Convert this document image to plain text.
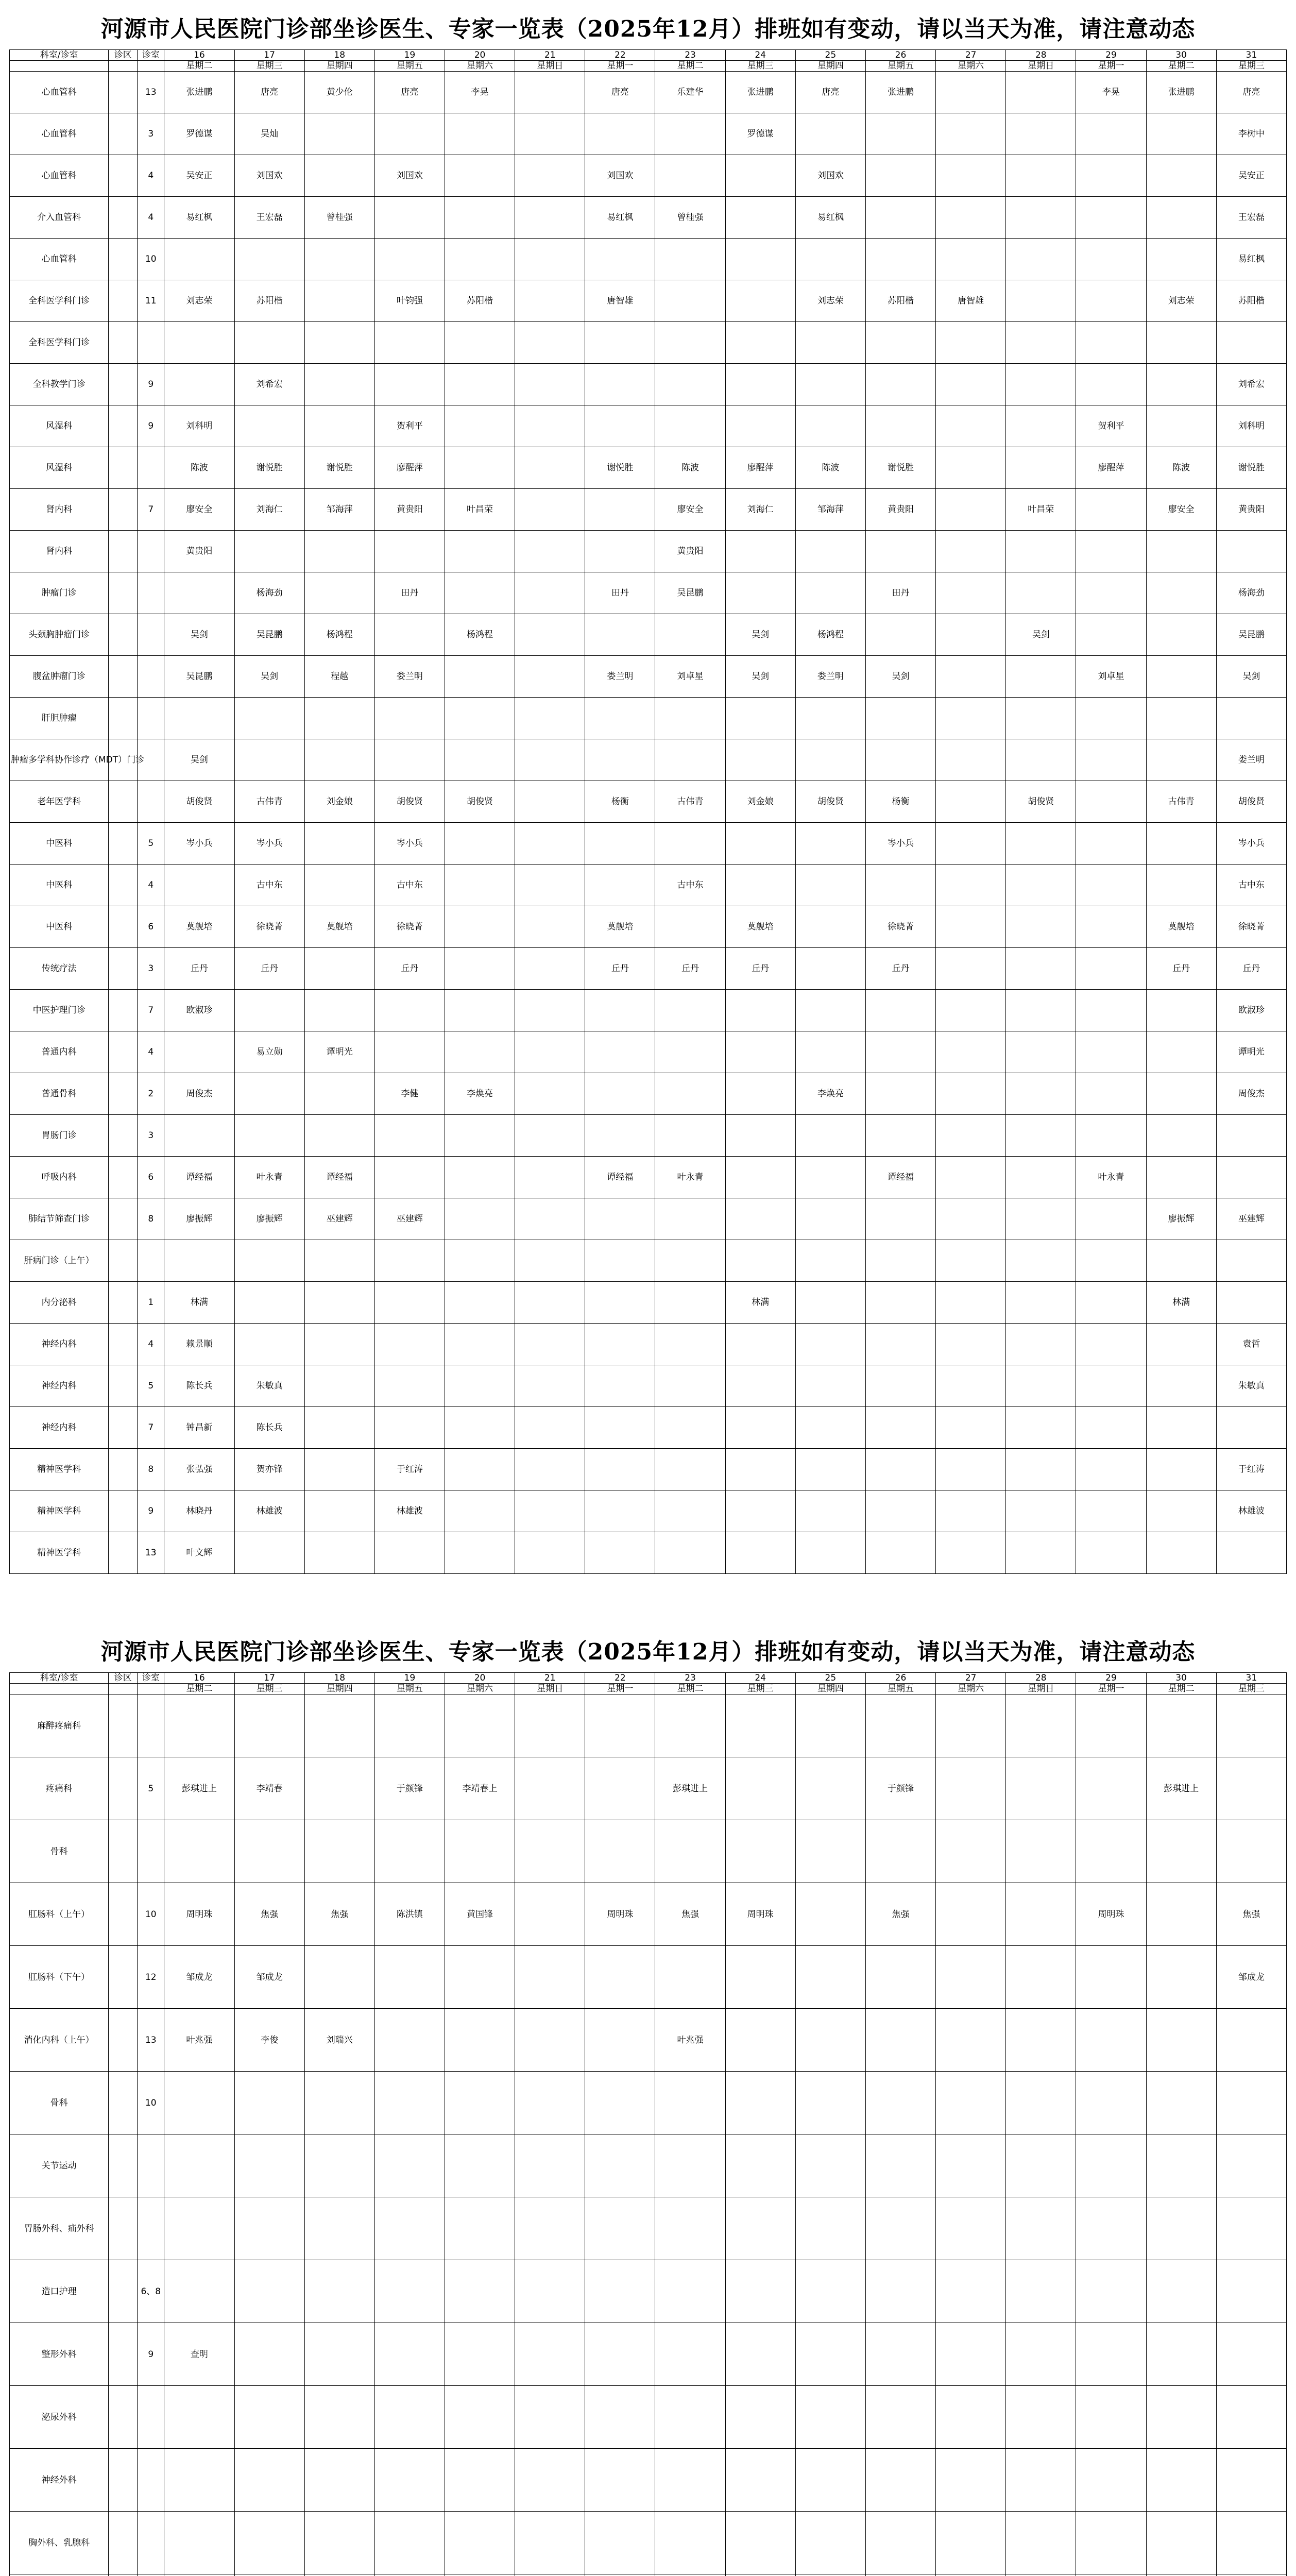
河源市人民医院门诊部坐诊医生、专家一览表（2025年12月）排班如有变动，请以当天为准，请注意动态
科室/诊室	诊区	诊室	16	17	18	19	20	21	22	23	24	25	26	27	28	29	30	31
			星期二	星期三	星期四	星期五	星期六	星期日	星期一	星期二	星期三	星期四	星期五	星期六	星期日	星期一	星期二	星期三
心血管科		13	张进鹏	唐亮	黄少伦	唐亮	李晃		唐亮	乐建华	张进鹏	唐亮	张进鹏			李晃	张进鹏	唐亮
心血管科		3	罗德谋	吴灿							罗德谋							李树中
心血管科		4	吴安正	刘国欢		刘国欢			刘国欢			刘国欢						吴安正
介入血管科		4	易红枫	王宏磊	曾桂强				易红枫	曾桂强		易红枫						王宏磊
心血管科		10																易红枫
全科医学科门诊		11	刘志荣	苏阳楷		叶钧强	苏阳楷		唐智雄			刘志荣	苏阳楷	唐智雄			刘志荣	苏阳楷
全科医学科门诊																		
全科教学门诊		9		刘希宏														刘希宏
风湿科		9	刘科明			贺利平										贺利平		刘科明
风湿科			陈波	谢悦胜	谢悦胜	廖醒萍			谢悦胜	陈波	廖醒萍	陈波	谢悦胜			廖醒萍	陈波	谢悦胜
肾内科		7	廖安全	刘海仁	邹海萍	黄贵阳	叶昌荣			廖安全	刘海仁	邹海萍	黄贵阳		叶昌荣		廖安全	黄贵阳
肾内科			黄贵阳							黄贵阳								
肿瘤门诊				杨海劲		田丹			田丹	吴昆鹏			田丹					杨海劲
头颈胸肿瘤门诊			吴剑	吴昆鹏	杨鸿程		杨鸿程				吴剑	杨鸿程			吴剑			吴昆鹏
腹盆肿瘤门诊			吴昆鹏	吴剑	程越	娄兰明			娄兰明	刘卓星	吴剑	娄兰明	吴剑			刘卓星		吴剑
肝胆肿瘤																		
肿瘤多学科协作诊疗（MDT）门诊			吴剑															娄兰明
老年医学科			胡俊贤	古伟青	刘金娘	胡俊贤	胡俊贤		杨衡	古伟青	刘金娘	胡俊贤	杨衡		胡俊贤		古伟青	胡俊贤
中医科		5	岑小兵	岑小兵		岑小兵							岑小兵					岑小兵
中医科		4		古中东		古中东				古中东								古中东
中医科		6	莫舰培	徐晓菁	莫舰培	徐晓菁			莫舰培		莫舰培		徐晓菁				莫舰培	徐晓菁
传统疗法		3	丘丹	丘丹		丘丹			丘丹	丘丹	丘丹		丘丹				丘丹	丘丹
中医护理门诊		7	欧淑珍															欧淑珍
普通内科		4		易立勋	谭明光													谭明光
普通骨科		2	周俊杰			李健	李焕亮					李焕亮						周俊杰
胃肠门诊		3																
呼吸内科		6	谭经福	叶永青	谭经福				谭经福	叶永青			谭经福			叶永青		
肺结节筛查门诊		8	廖振辉	廖振辉	巫建辉	巫建辉											廖振辉	巫建辉
肝病门诊（上午）																		
内分泌科		1	林满								林满						林满	
神经内科		4	赖景顺															袁哲
神经内科		5	陈长兵	朱敏真														朱敏真
神经内科		7	钟昌新	陈长兵														
精神医学科		8	张弘强	贺亦锋		于红涛												于红涛
精神医学科		9	林晓丹	林雄波		林雄波												林雄波
精神医学科		13	叶文辉															
河源市人民医院门诊部坐诊医生、专家一览表（2025年12月）排班如有变动，请以当天为准，请注意动态
科室/诊室	诊区	诊室	16	17	18	19	20	21	22	23	24	25	26	27	28	29	30	31
			星期二	星期三	星期四	星期五	星期六	星期日	星期一	星期二	星期三	星期四	星期五	星期六	星期日	星期一	星期二	星期三
麻醉疼痛科																		
疼痛科		5	彭琪进上	李靖春		于颜锋	李靖春上			彭琪进上			于颜锋				彭琪进上	
骨科																		
肛肠科（上午）		10	周明珠	焦强	焦强	陈洪镇	黄国锋		周明珠	焦强	周明珠		焦强			周明珠		焦强
肛肠科（下午）		12	邹成龙	邹成龙														邹成龙
消化内科（上午）		13	叶兆强	李俊	刘瑞兴					叶兆强								
骨科		10																
关节运动																		
胃肠外科、疝外科																		
造口护理		6、8																
整形外科		9	查明															
泌尿外科																		
神经外科																		
胸外科、乳腺科																		
